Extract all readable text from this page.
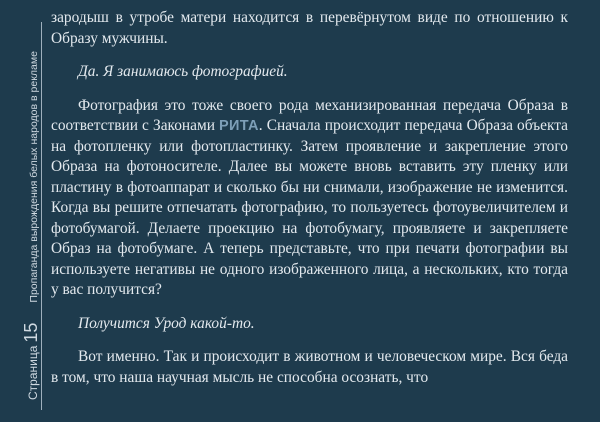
Страница
15
Пропаганда вырождения белых народов в рекламе

зародыш в утробе матери находится в перевёрнутом виде по отношению к Образу мужчины.

Да. Я занимаюсь фотографией.

Фотография это тоже своего рода механизированная передача Образа в соответствии с Законами РИТА. Сначала происходит передача Образа объекта на фотопленку или фотопластинку. Затем проявление и закрепление этого Образа на фотоносителе. Далее вы можете вновь вставить эту пленку или пластину в фотоаппарат и сколько бы ни снимали, изображение не изменится. Когда вы решите отпечатать фотографию, то пользуетесь фотоувеличителем и фотобумагой. Делаете проекцию на фотобумагу, проявляете и закрепляете Образ на фотобумаге. А теперь представьте, что при печати фотографии вы используете негативы не одного изображенного лица, а нескольких, кто тогда у вас получится?

Получится Урод какой-то.

Вот именно. Так и происходит в животном и человеческом мире. Вся беда в том, что наша научная мысль не способна осознать, что
